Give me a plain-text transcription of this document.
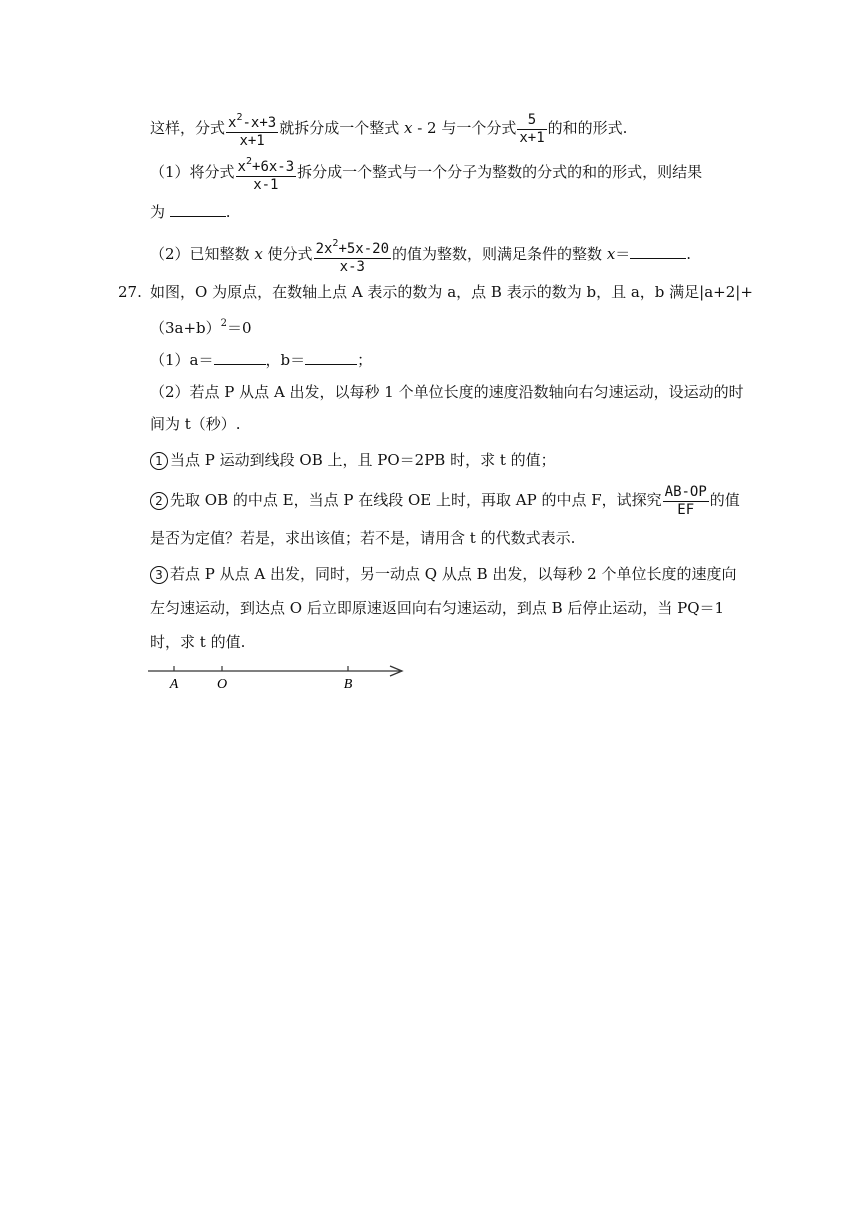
这样，分式 $\frac{x^2-x+3}{x+1}$ 就拆分成一个整式 x - 2 与一个分式 $\frac{5}{x+1}$ 的和的形式.
（1）将分式 $\frac{x^2+6x-3}{x-1}$ 拆分成一个整式与一个分子为整数的分式的和的形式，则结果
为	.
（2）已知整数 x 使分式 $\frac{2x^2+5x-20}{x-3}$ 的值为整数，则满足条件的整数 x＝	.
27. 如图，O 为原点，在数轴上点 A 表示的数为 a，点 B 表示的数为 b，且 a，b 满足|a+2|+
$(3a+b)^2=0$
（1）a＝	，b＝	；
（2）若点 P 从点 A 出发，以每秒 1 个单位长度的速度沿数轴向右匀速运动，设运动的时
间为 t（秒）.
1 当点 P 运动到线段 OB 上，且 PO＝2PB 时，求 t 的值；
2 先取 OB 的中点 E，当点 P 在线段 OE 上时，再取 AP 的中点 F，试探究 $\frac{AB-OP}{EF}$ 的值
是否为定值？若是，求出该值；若不是，请用含 t 的代数式表示.
3 若点 P 从点 A 出发，同时，另一动点 Q 从点 B 出发，以每秒 2 个单位长度的速度向
左匀速运动，到达点 O 后立即原速返回向右匀速运动，到点 B 后停止运动，当 PQ＝1
时，求 t 的值.
A	O	B
